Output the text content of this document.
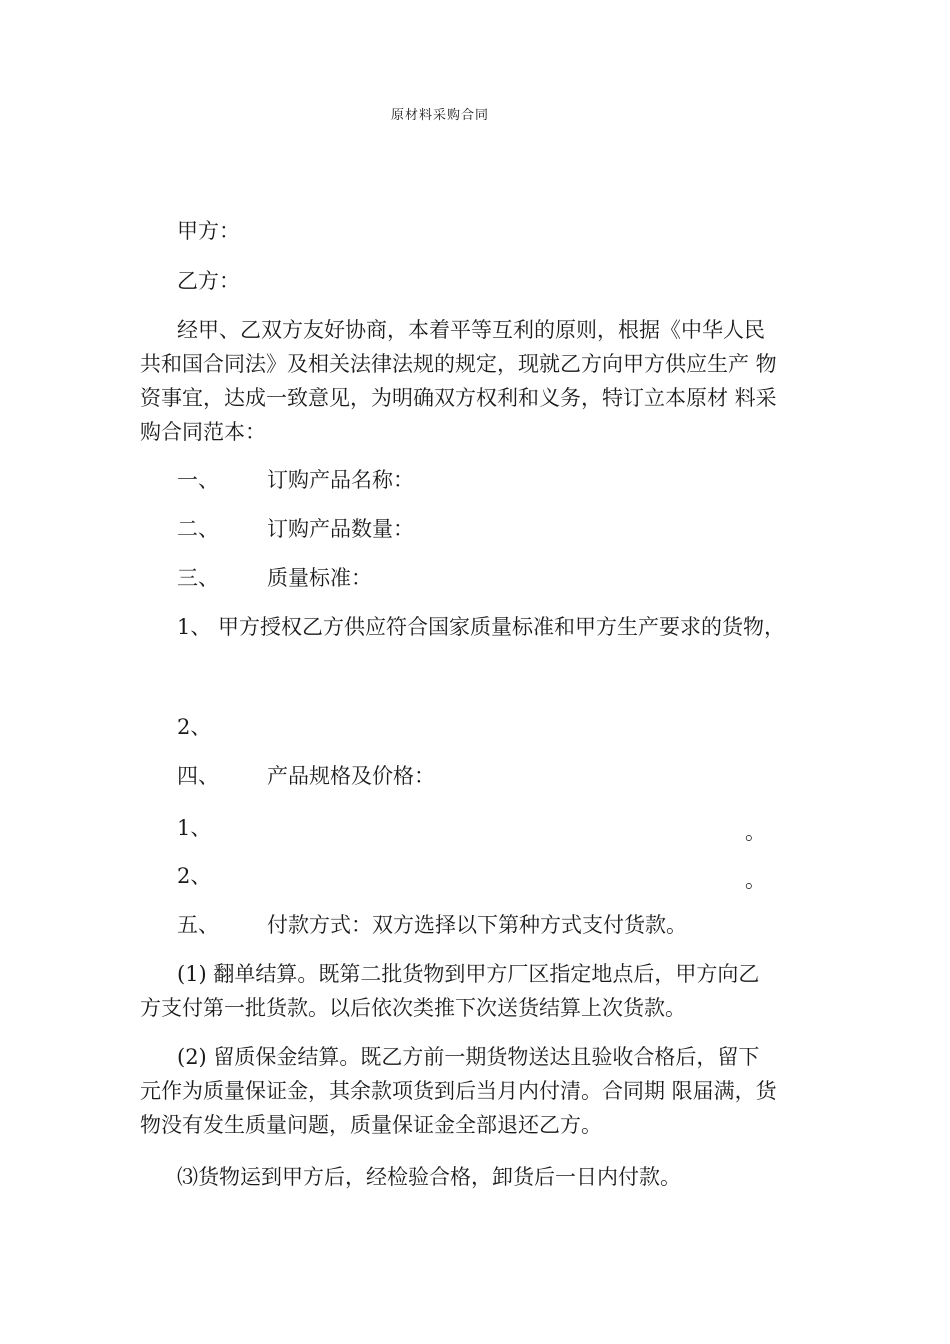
原材料采购合同
甲方：
乙方：

经甲、乙双方友好协商，本着平等互利的原则，根据《中华人民

共和国合同法》及相关法律法规的规定，现就乙方向甲方供应生产 物

资事宜，达成一致意见，为明确双方权利和义务，特订立本原材 料采

购合同范本：

一、 订购产品名称：
二、 订购产品数量：
三、 质量标准：
1、 甲方授权乙方供应符合国家质量标准和甲方生产要求的货物，
2、
四、 产品规格及价格：
1、	。
2、	。
五、 付款方式：双方选择以下第种方式支付货款。

(1) 翻单结算。既第二批货物到甲方厂区指定地点后，甲方向乙

方支付第一批货款。以后依次类推下次送货结算上次货款。

(2) 留质保金结算。既乙方前一期货物送达且验收合格后，留下

元作为质量保证金，其余款项货到后当月内付清。合同期 限届满，货

物没有发生质量问题，质量保证金全部退还乙方。

⑶货物运到甲方后，经检验合格，卸货后一日内付款。
